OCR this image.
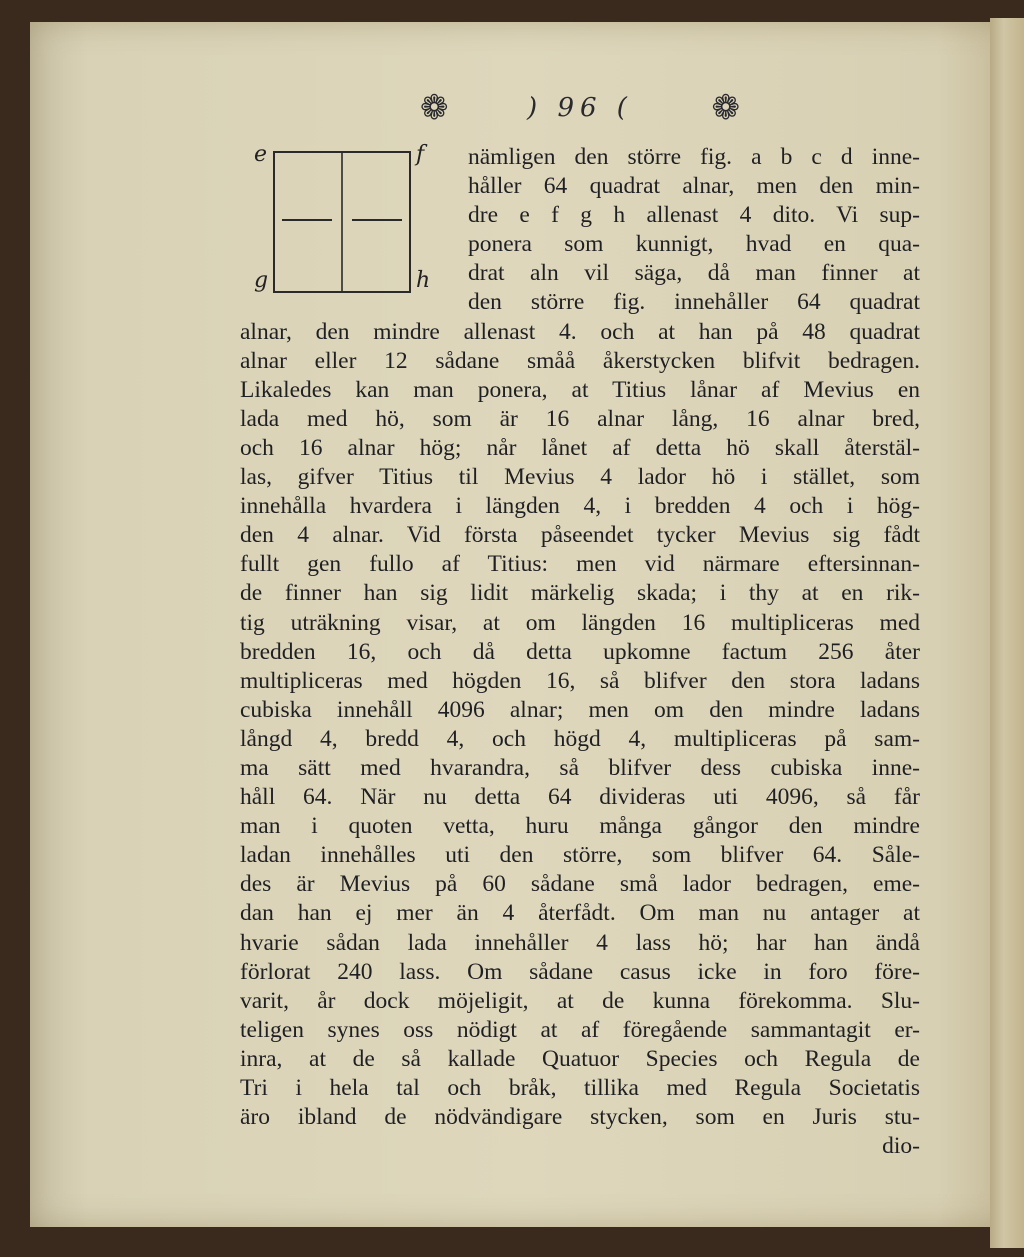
❁	) 96 ( ❁
e	f
g	h
nämligen den större fig. a b c d inne-
håller 64 quadrat alnar, men den min-
dre e f g h allenast 4 dito. Vi sup-
ponera som kunnigt, hvad en qua-
drat aln vil säga, då man finner at
den större fig. innehåller 64 quadrat
alnar, den mindre allenast 4. och at han på 48 quadrat
alnar eller 12 sådane småå åkerstycken blifvit bedragen.
Likaledes kan man ponera, at Titius lånar af Mevius en
lada med hö, som är 16 alnar lång, 16 alnar bred,
och 16 alnar hög; når lånet af detta hö skall återstäl-
las, gifver Titius til Mevius 4 lador hö i stället, som
innehålla hvardera i längden 4, i bredden 4 och i hög-
den 4 alnar. Vid första påseendet tycker Mevius sig fådt
fullt gen fullo af Titius: men vid närmare eftersinnan-
de finner han sig lidit märkelig skada; i thy at en rik-
tig uträkning visar, at om längden 16 multipliceras med
bredden 16, och då detta upkomne factum 256 åter
multipliceras med högden 16, så blifver den stora ladans
cubiska innehåll 4096 alnar; men om den mindre ladans
långd 4, bredd 4, och högd 4, multipliceras på sam-
ma sätt med hvarandra, så blifver dess cubiska inne-
håll 64. När nu detta 64 divideras uti 4096, så får
man i quoten vetta, huru många gångor den mindre
ladan innehålles uti den större, som blifver 64. Såle-
des är Mevius på 60 sådane små lador bedragen, eme-
dan han ej mer än 4 återfådt. Om man nu antager at
hvarie sådan lada innehåller 4 lass hö; har han ändå
förlorat 240 lass. Om sådane casus icke in foro före-
varit, år dock möjeligit, at de kunna förekomma. Slu-
teligen synes oss nödigt at af föregående sammantagit er-
inra, at de så kallade Quatuor Species och Regula de
Tri i hela tal och bråk, tillika med Regula Societatis
äro ibland de nödvändigare stycken, som en Juris stu-
dio-
